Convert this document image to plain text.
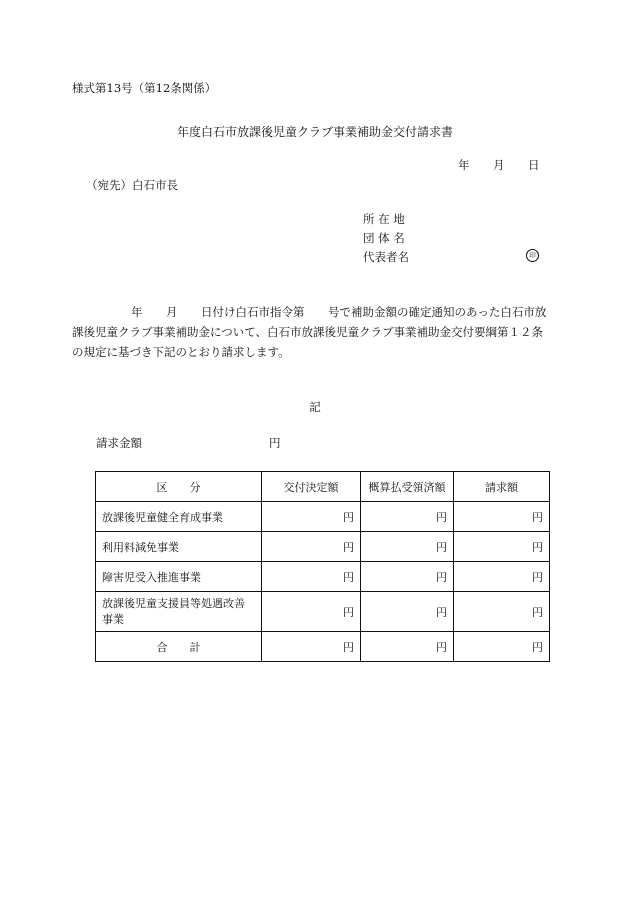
様式第13号（第12条関係）
年度白石市放課後児童クラブ事業補助金交付請求書
年 月 日
（宛先）白石市長
所 在 地
団 体 名
代表者名	印
年 月 日付け白石市指令第 号で補助金額の確定通知のあった白石市放
課後児童クラブ事業補助金について、白石市放課後児童クラブ事業補助金交付要綱第１２条
の規定に基づき下記のとおり請求します。
記
請求金額	円
区　　分	交付決定額	概算払受領済額	請求額
放課後児童健全育成事業	円	円	円
利用料減免事業	円	円	円
障害児受入推進事業	円	円	円
放課後児童支援員等処遇改善事業	円	円	円
合　　計	円	円	円
